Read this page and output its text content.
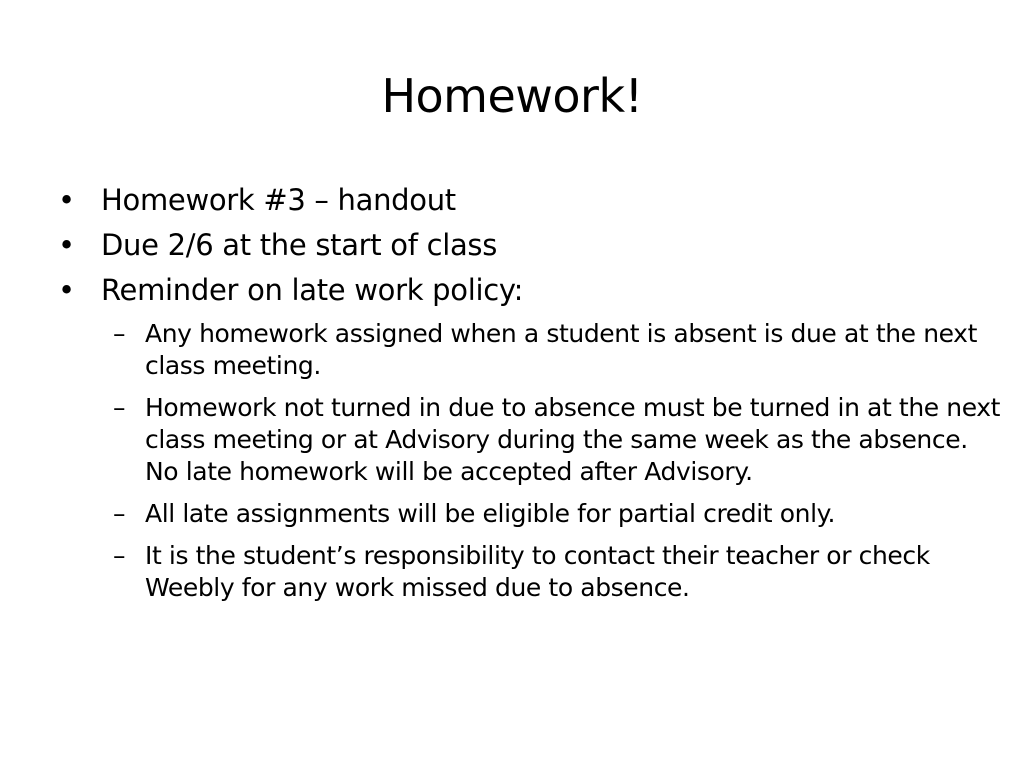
Homework!
• Homework #3 – handout
• Due 2/6 at the start of class
• Reminder on late work policy:
– Any homework assigned when a student is absent is due at the next class meeting.
– Homework not turned in due to absence must be turned in at the next class meeting or at Advisory during the same week as the absence. No late homework will be accepted after Advisory.
– All late assignments will be eligible for partial credit only.
– It is the student’s responsibility to contact their teacher or check Weebly for any work missed due to absence.
